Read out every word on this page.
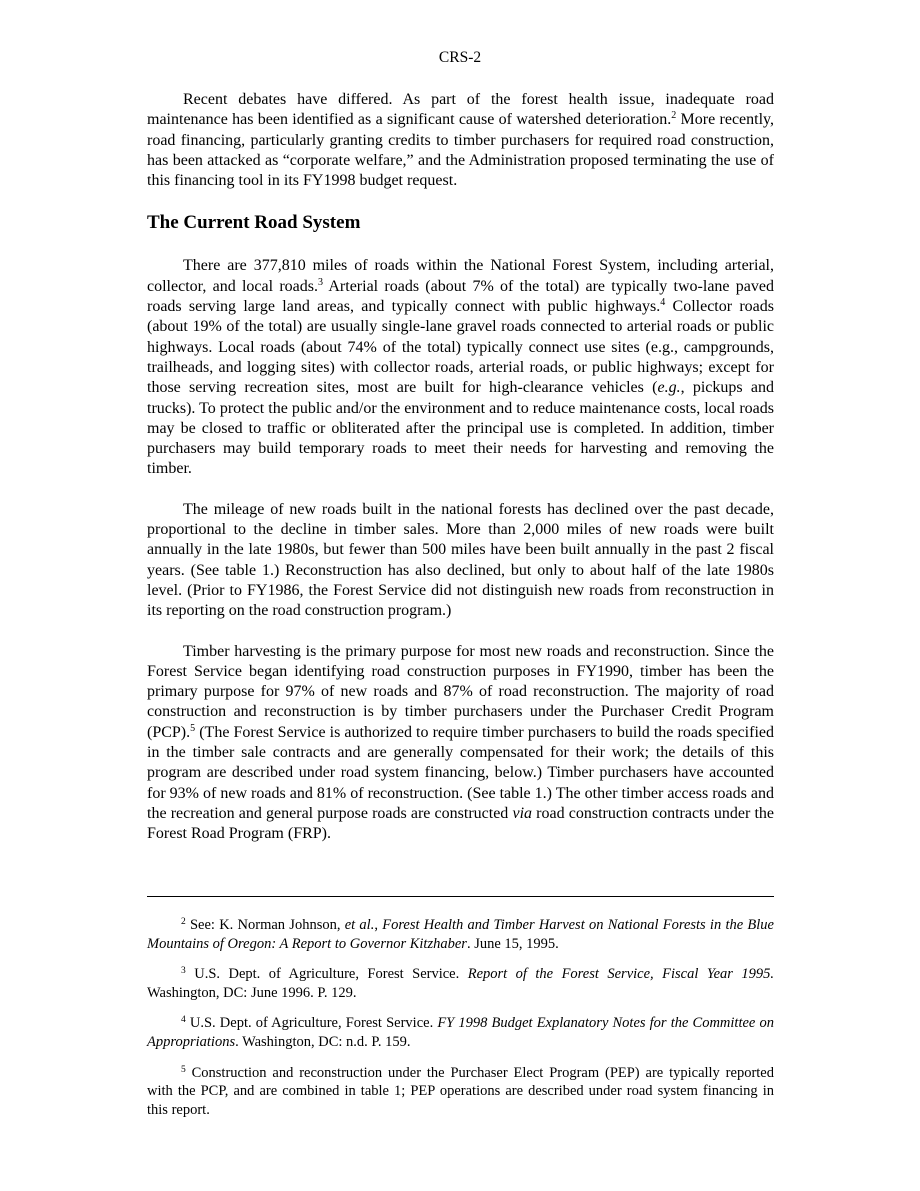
CRS-2

Recent debates have differed. As part of the forest health issue, inadequate road maintenance has been identified as a significant cause of watershed deterioration.$^2$ More recently, road financing, particularly granting credits to timber purchasers for required road construction, has been attacked as “corporate welfare,” and the Administration proposed terminating the use of this financing tool in its FY1998 budget request.

The Current Road System

There are 377,810 miles of roads within the National Forest System, including arterial, collector, and local roads.$^3$ Arterial roads (about 7% of the total) are typically two-lane paved roads serving large land areas, and typically connect with public highways.$^4$ Collector roads (about 19% of the total) are usually single-lane gravel roads connected to arterial roads or public highways. Local roads (about 74% of the total) typically connect use sites (e.g., campgrounds, trailheads, and logging sites) with collector roads, arterial roads, or public highways; except for those serving recreation sites, most are built for high-clearance vehicles (e.g., pickups and trucks). To protect the public and/or the environment and to reduce maintenance costs, local roads may be closed to traffic or obliterated after the principal use is completed. In addition, timber purchasers may build temporary roads to meet their needs for harvesting and removing the timber.

The mileage of new roads built in the national forests has declined over the past decade, proportional to the decline in timber sales. More than 2,000 miles of new roads were built annually in the late 1980s, but fewer than 500 miles have been built annually in the past 2 fiscal years. (See table 1.) Reconstruction has also declined, but only to about half of the late 1980s level. (Prior to FY1986, the Forest Service did not distinguish new roads from reconstruction in its reporting on the road construction program.)

Timber harvesting is the primary purpose for most new roads and reconstruction. Since the Forest Service began identifying road construction purposes in FY1990, timber has been the primary purpose for 97% of new roads and 87% of road reconstruction. The majority of road construction and reconstruction is by timber purchasers under the Purchaser Credit Program (PCP).$^5$ (The Forest Service is authorized to require timber purchasers to build the roads specified in the timber sale contracts and are generally compensated for their work; the details of this program are described under road system financing, below.) Timber purchasers have accounted for 93% of new roads and 81% of reconstruction. (See table 1.) The other timber access roads and the recreation and general purpose roads are constructed via road construction contracts under the Forest Road Program (FRP).

$^2$ See: K. Norman Johnson, et al., Forest Health and Timber Harvest on National Forests in the Blue Mountains of Oregon: A Report to Governor Kitzhaber. June 15, 1995.

$^3$ U.S. Dept. of Agriculture, Forest Service. Report of the Forest Service, Fiscal Year 1995. Washington, DC: June 1996. P. 129.

$^4$ U.S. Dept. of Agriculture, Forest Service. FY 1998 Budget Explanatory Notes for the Committee on Appropriations. Washington, DC: n.d. P. 159.

$^5$ Construction and reconstruction under the Purchaser Elect Program (PEP) are typically reported with the PCP, and are combined in table 1; PEP operations are described under road system financing in this report.
